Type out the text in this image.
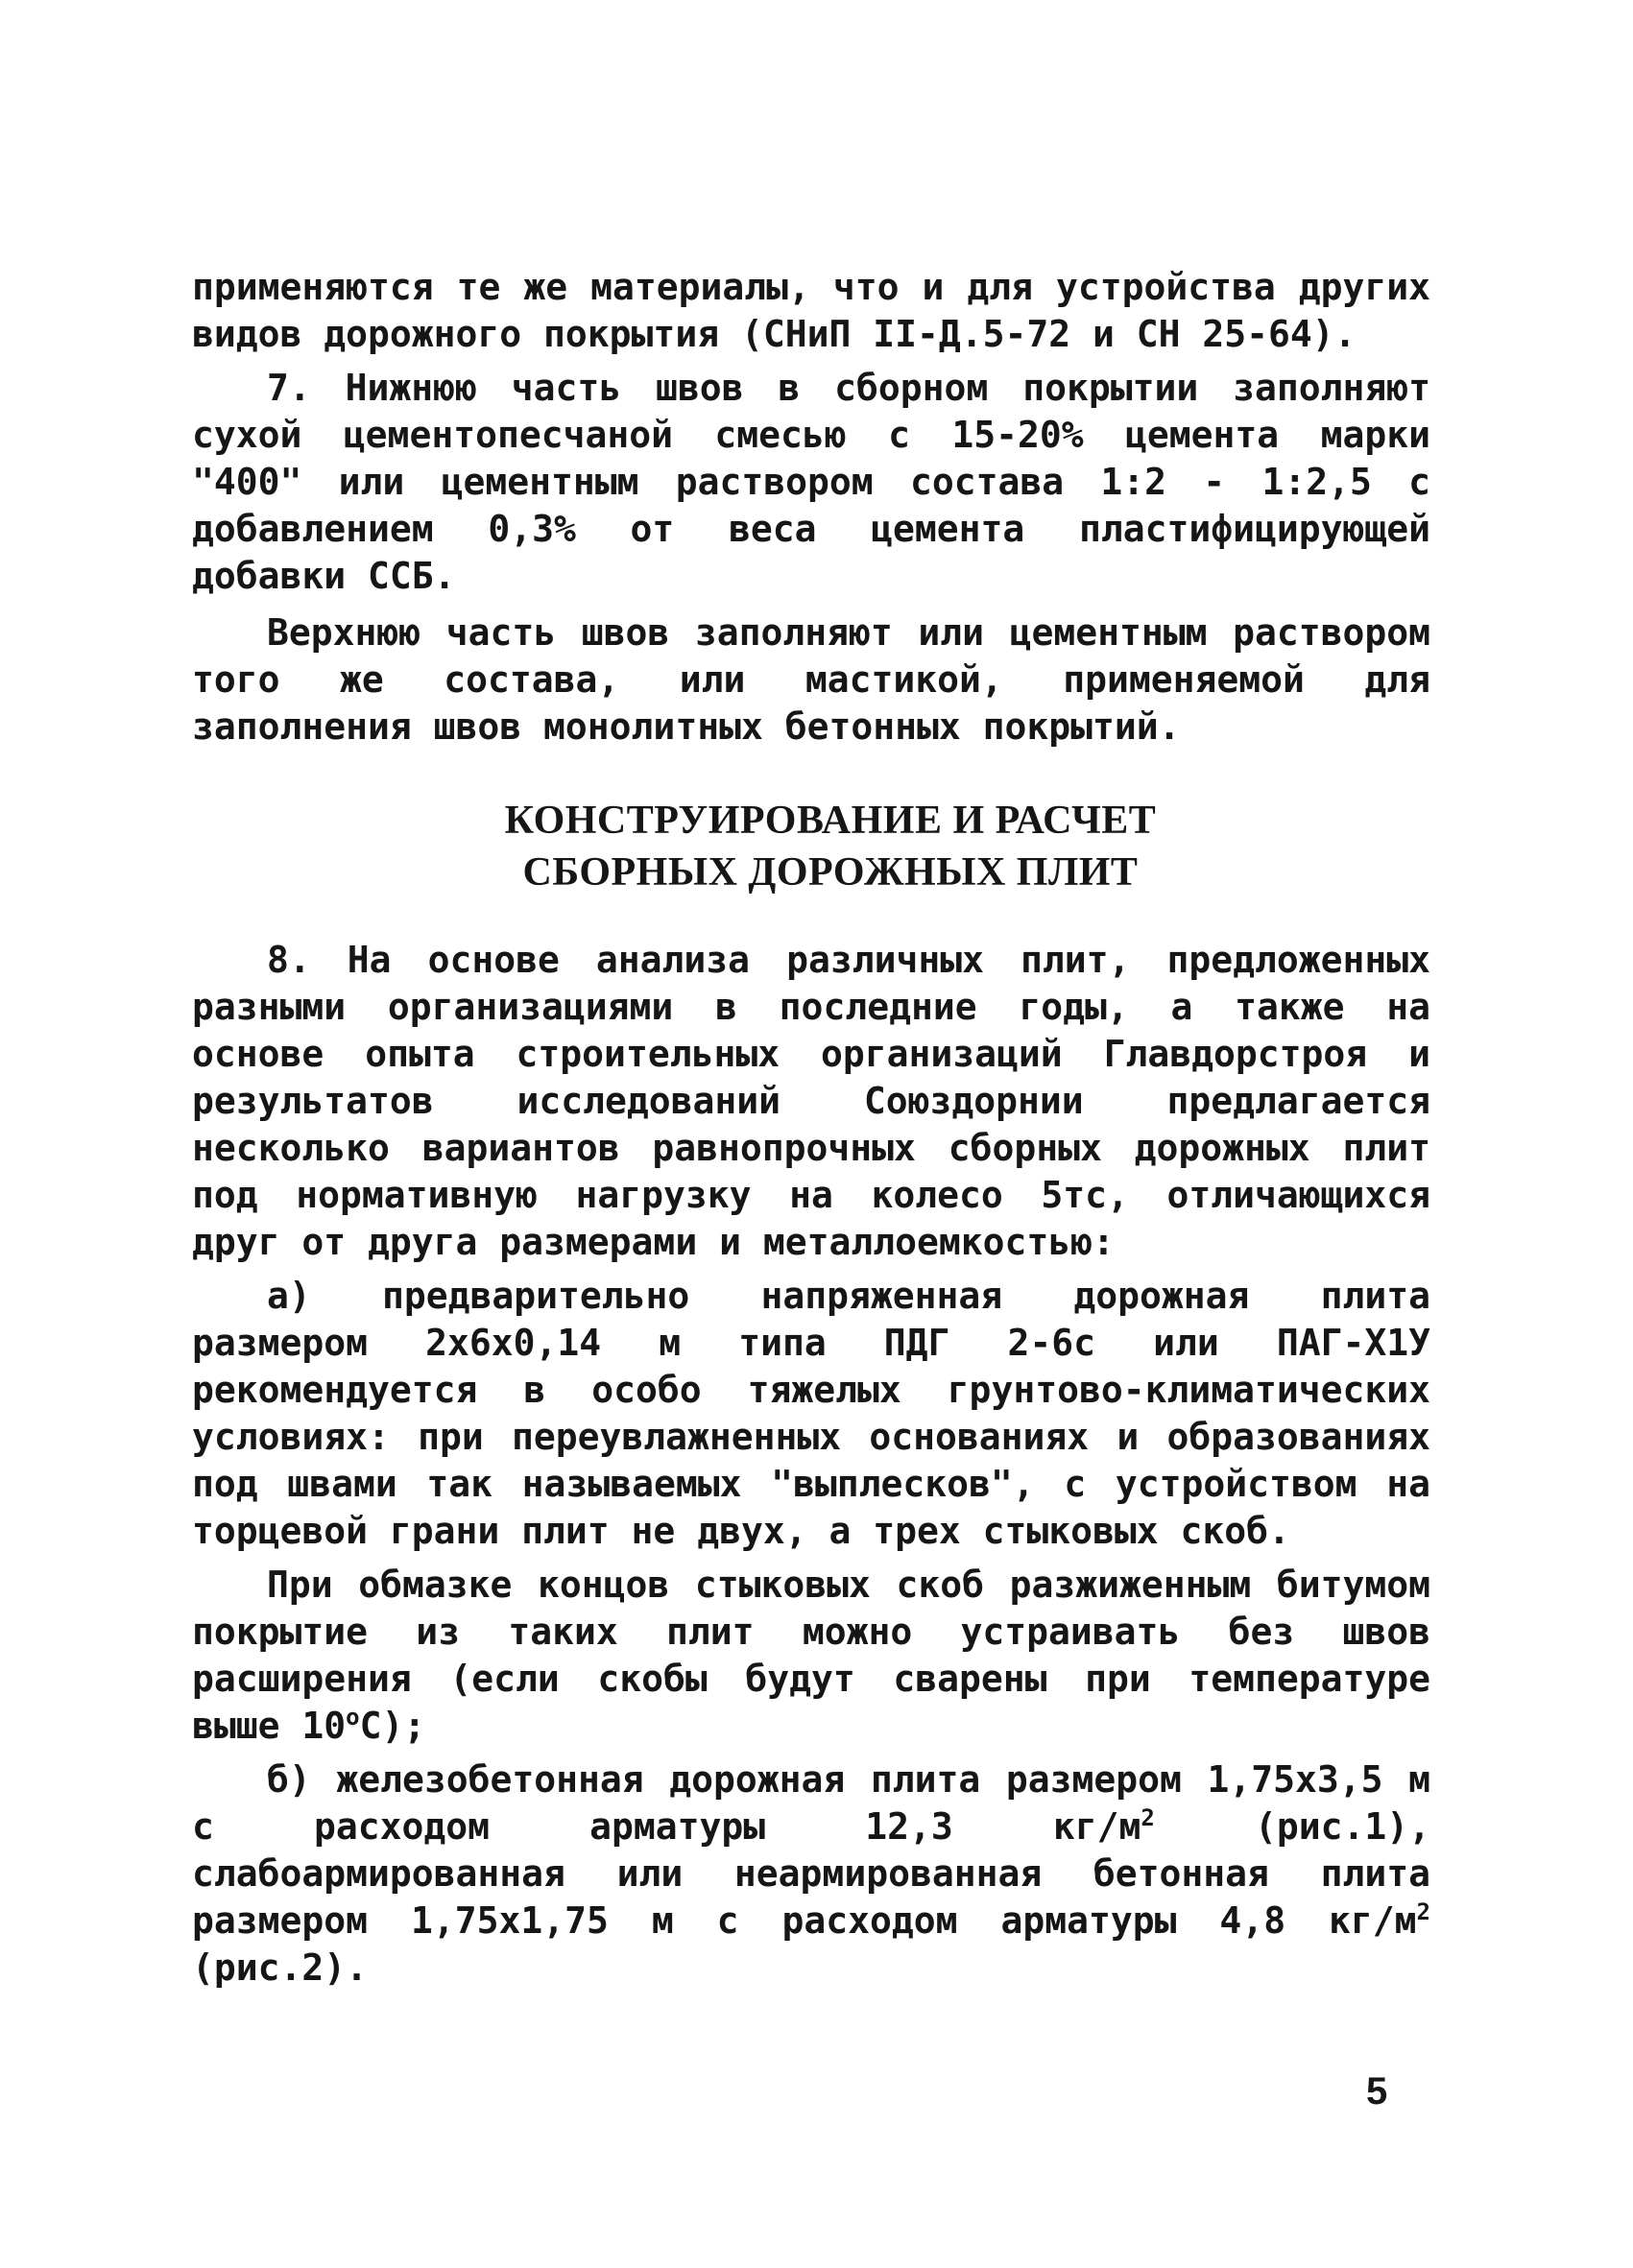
применяются те же материалы, что и для устройства других видов дорожного покрытия (СНиП II-Д.5-72 и СН 25-64).

7. Нижнюю часть швов в сборном покрытии заполняют сухой цементопесчаной смесью с 15-20% цемента марки "400" или цементным раствором состава 1:2 - 1:2,5 с добавлением 0,3% от веса цемента пластифицирующей добавки ССБ.

Верхнюю часть швов заполняют или цементным раствором того же состава, или мастикой, применяемой для заполнения швов монолитных бетонных покрытий.

КОНСТРУИРОВАНИЕ И РАСЧЕТ
СБОРНЫХ ДОРОЖНЫХ ПЛИТ

8. На основе анализа различных плит, предложенных разными организациями в последние годы, а также на основе опыта строительных организаций Главдорстроя и результатов исследований Союздорнии предлагается несколько вариантов равнопрочных сборных дорожных плит под нормативную нагрузку на колесо 5тс, отличающихся друг от друга размерами и металлоемкостью:

а) предварительно напряженная дорожная плита размером 2х6х0,14 м типа ПДГ 2-6с или ПАГ-Х1У рекомендуется в особо тяжелых грунтово-климатических условиях: при переувлажненных основаниях и образованиях под швами так называемых "выплесков", с устройством на торцевой грани плит не двух, а трех стыковых скоб.

При обмазке концов стыковых скоб разжиженным битумом покрытие из таких плит можно устраивать без швов расширения (если скобы будут сварены при температуре выше $10^оС$);

б) железобетонная дорожная плита размером 1,75х3,5 м с расходом арматуры 12,3 $кг/м^2$ (рис.1), слабоармированная или неармированная бетонная плита размером 1,75х1,75 м с расходом арматуры 4,8 $кг/м^2$ (рис.2).

5
